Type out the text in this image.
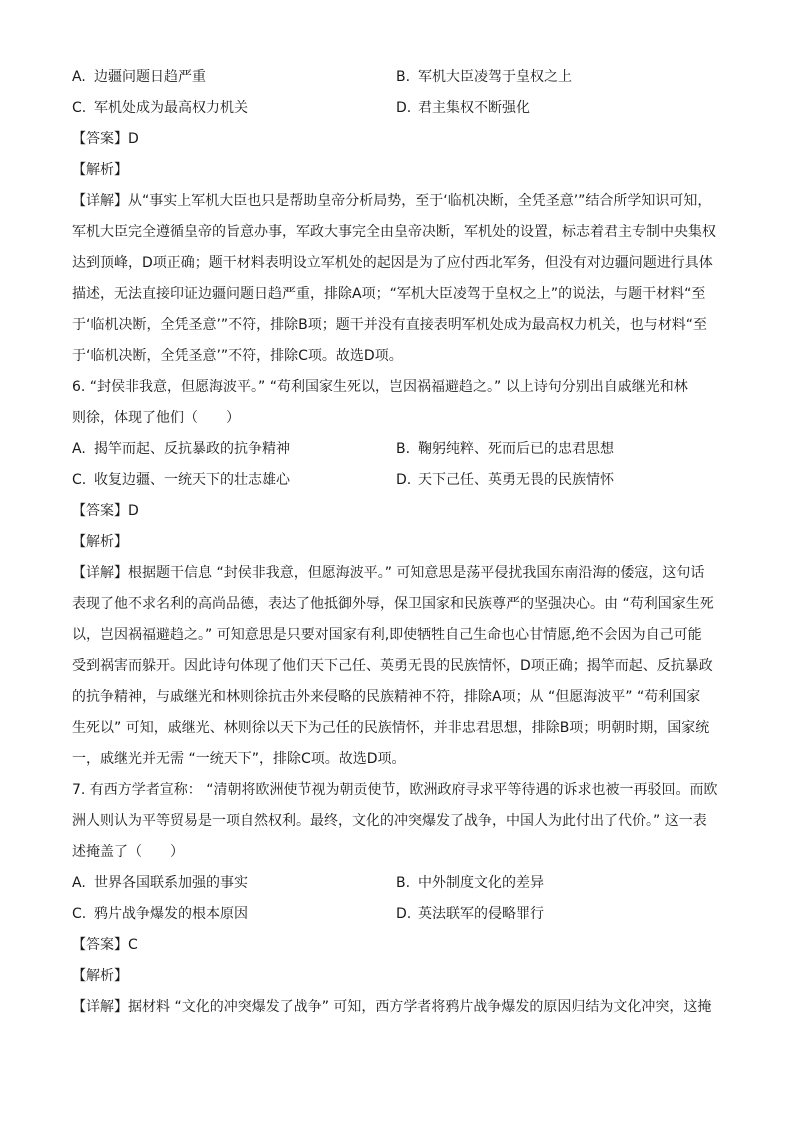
A. 边疆问题日趋严重	B. 军机大臣凌驾于皇权之上
C. 军机处成为最高权力机关	D. 君主集权不断强化
【答案】D
【解析】

【详解】从“事实上军机大臣也只是帮助皇帝分析局势，至于‘临机决断，全凭圣意’”结合所学知识可知，

军机大臣完全遵循皇帝的旨意办事，军政大事完全由皇帝决断，军机处的设置，标志着君主专制中央集权

达到顶峰，D项正确；题干材料表明设立军机处的起因是为了应付西北军务，但没有对边疆问题进行具体

描述，无法直接印证边疆问题日趋严重，排除A项；“军机大臣凌驾于皇权之上”的说法，与题干材料“至

于‘临机决断，全凭圣意’”不符，排除B项；题干并没有直接表明军机处成为最高权力机关，也与材料“至

于‘临机决断，全凭圣意’”不符，排除C项。故选D项。

6. “封侯非我意，但愿海波平。” “苟利国家生死以，岂因祸福避趋之。” 以上诗句分别出自戚继光和林

则徐，体现了他们（　　）

A. 揭竿而起、反抗暴政的抗争精神	B. 鞠躬纯粹、死而后已的忠君思想
C. 收复边疆、一统天下的壮志雄心	D. 天下己任、英勇无畏的民族情怀
【答案】D
【解析】

【详解】根据题干信息 “封侯非我意，但愿海波平。” 可知意思是荡平侵扰我国东南沿海的倭寇，这句话

表现了他不求名利的高尚品德，表达了他抵御外辱，保卫国家和民族尊严的坚强决心。由 “苟利国家生死

以，岂因祸福避趋之。” 可知意思是只要对国家有利,即使牺牲自己生命也心甘情愿,绝不会因为自己可能

受到祸害而躲开。因此诗句体现了他们天下己任、英勇无畏的民族情怀，D项正确；揭竿而起、反抗暴政

的抗争精神，与戚继光和林则徐抗击外来侵略的民族精神不符，排除A项；从 “但愿海波平” “苟利国家

生死以” 可知，戚继光、林则徐以天下为己任的民族情怀，并非忠君思想，排除B项；明朝时期，国家统

一，戚继光并无需 “一统天下”，排除C项。故选D项。

7. 有西方学者宣称： “清朝将欧洲使节视为朝贡使节，欧洲政府寻求平等待遇的诉求也被一再驳回。而欧

洲人则认为平等贸易是一项自然权利。最终，文化的冲突爆发了战争，中国人为此付出了代价。” 这一表

述掩盖了（　　）

A. 世界各国联系加强的事实	B. 中外制度文化的差异
C. 鸦片战争爆发的根本原因	D. 英法联军的侵略罪行
【答案】C
【解析】

【详解】据材料 “文化的冲突爆发了战争” 可知，西方学者将鸦片战争爆发的原因归结为文化冲突，这掩
